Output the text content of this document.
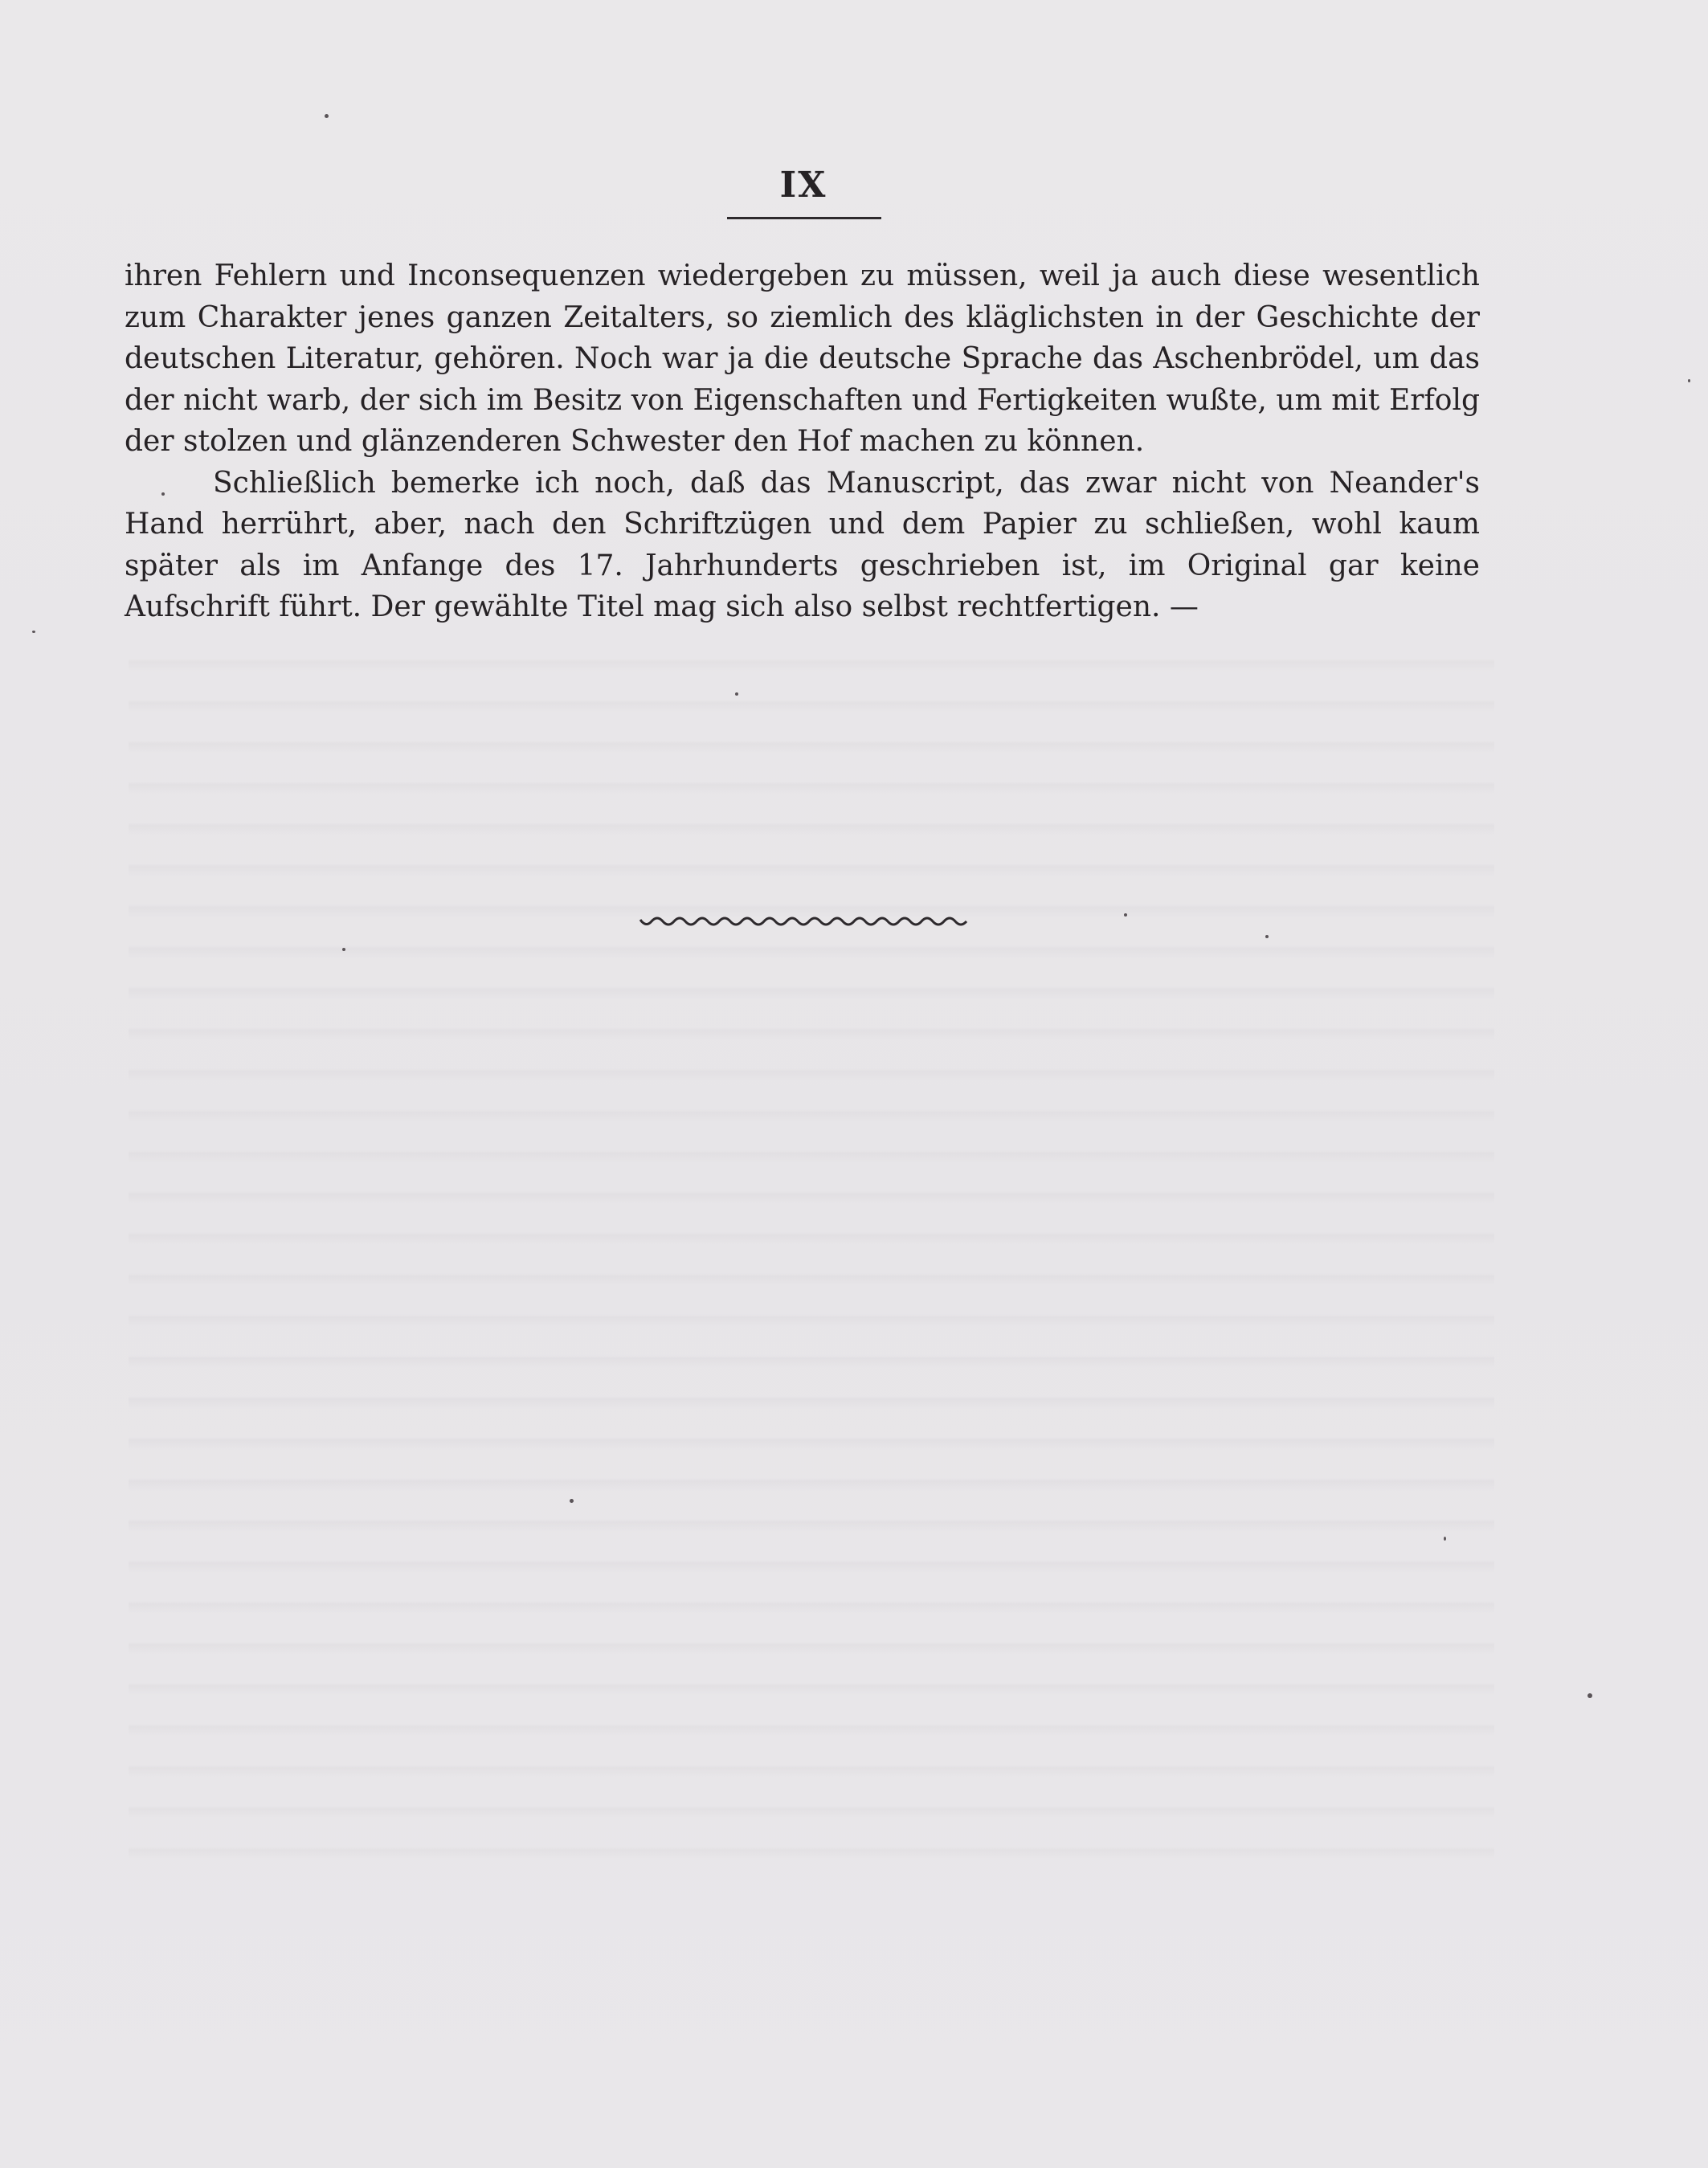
IX

ihren Fehlern und Inconsequenzen wiedergeben zu müssen, weil ja auch diese wesentlich zum Charakter jenes ganzen Zeitalters, so ziemlich des kläglichsten in der Geschichte der deutschen Literatur, gehören. Noch war ja die deutsche Sprache das Aschenbrödel, um das der nicht warb, der sich im Besitz von Eigenschaften und Fertigkeiten wußte, um mit Erfolg der stolzen und glänzenderen Schwester den Hof machen zu können.

Schließlich bemerke ich noch, daß das Manuscript, das zwar nicht von Neander's Hand herrührt, aber, nach den Schriftzügen und dem Papier zu schließen, wohl kaum später als im Anfange des 17. Jahrhunderts geschrieben ist, im Original gar keine Aufschrift führt. Der gewählte Titel mag sich also selbst rechtfertigen. —
